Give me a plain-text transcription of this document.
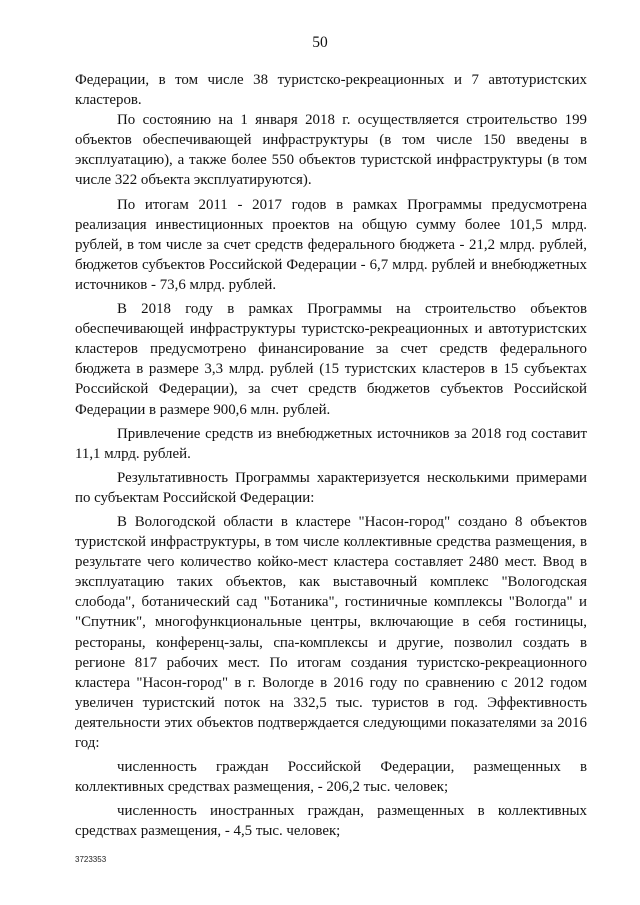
50

Федерации, в том числе 38 туристско-рекреационных и 7 автотуристских кластеров.

По состоянию на 1 января 2018 г. осуществляется строительство 199 объектов обеспечивающей инфраструктуры (в том числе 150 введены в эксплуатацию), а также более 550 объектов туристской инфраструктуры (в том числе 322 объекта эксплуатируются).

По итогам 2011 - 2017 годов в рамках Программы предусмотрена реализация инвестиционных проектов на общую сумму более 101,5 млрд. рублей, в том числе за счет средств федерального бюджета - 21,2 млрд. рублей, бюджетов субъектов Российской Федерации - 6,7 млрд. рублей и внебюджетных источников - 73,6 млрд. рублей.

В 2018 году в рамках Программы на строительство объектов обеспечивающей инфраструктуры туристско-рекреационных и автотуристских кластеров предусмотрено финансирование за счет средств федерального бюджета в размере 3,3 млрд. рублей (15 туристских кластеров в 15 субъектах Российской Федерации), за счет средств бюджетов субъектов Российской Федерации в размере 900,6 млн. рублей.

Привлечение средств из внебюджетных источников за 2018 год составит 11,1 млрд. рублей.

Результативность Программы характеризуется несколькими примерами по субъектам Российской Федерации:

В Вологодской области в кластере "Насон-город" создано 8 объектов туристской инфраструктуры, в том числе коллективные средства размещения, в результате чего количество койко-мест кластера составляет 2480 мест. Ввод в эксплуатацию таких объектов, как выставочный комплекс "Вологодская слобода", ботанический сад "Ботаника", гостиничные комплексы "Вологда" и "Спутник", многофункциональные центры, включающие в себя гостиницы, рестораны, конференц-залы, спа-комплексы и другие, позволил создать в регионе 817 рабочих мест. По итогам создания туристско-рекреационного кластера "Насон-город" в г. Вологде в 2016 году по сравнению с 2012 годом увеличен туристский поток на 332,5 тыс. туристов в год. Эффективность деятельности этих объектов подтверждается следующими показателями за 2016 год:

численность граждан Российской Федерации, размещенных в коллективных средствах размещения, - 206,2 тыс. человек;

численность иностранных граждан, размещенных в коллективных средствах размещения, - 4,5 тыс. человек;

3723353
